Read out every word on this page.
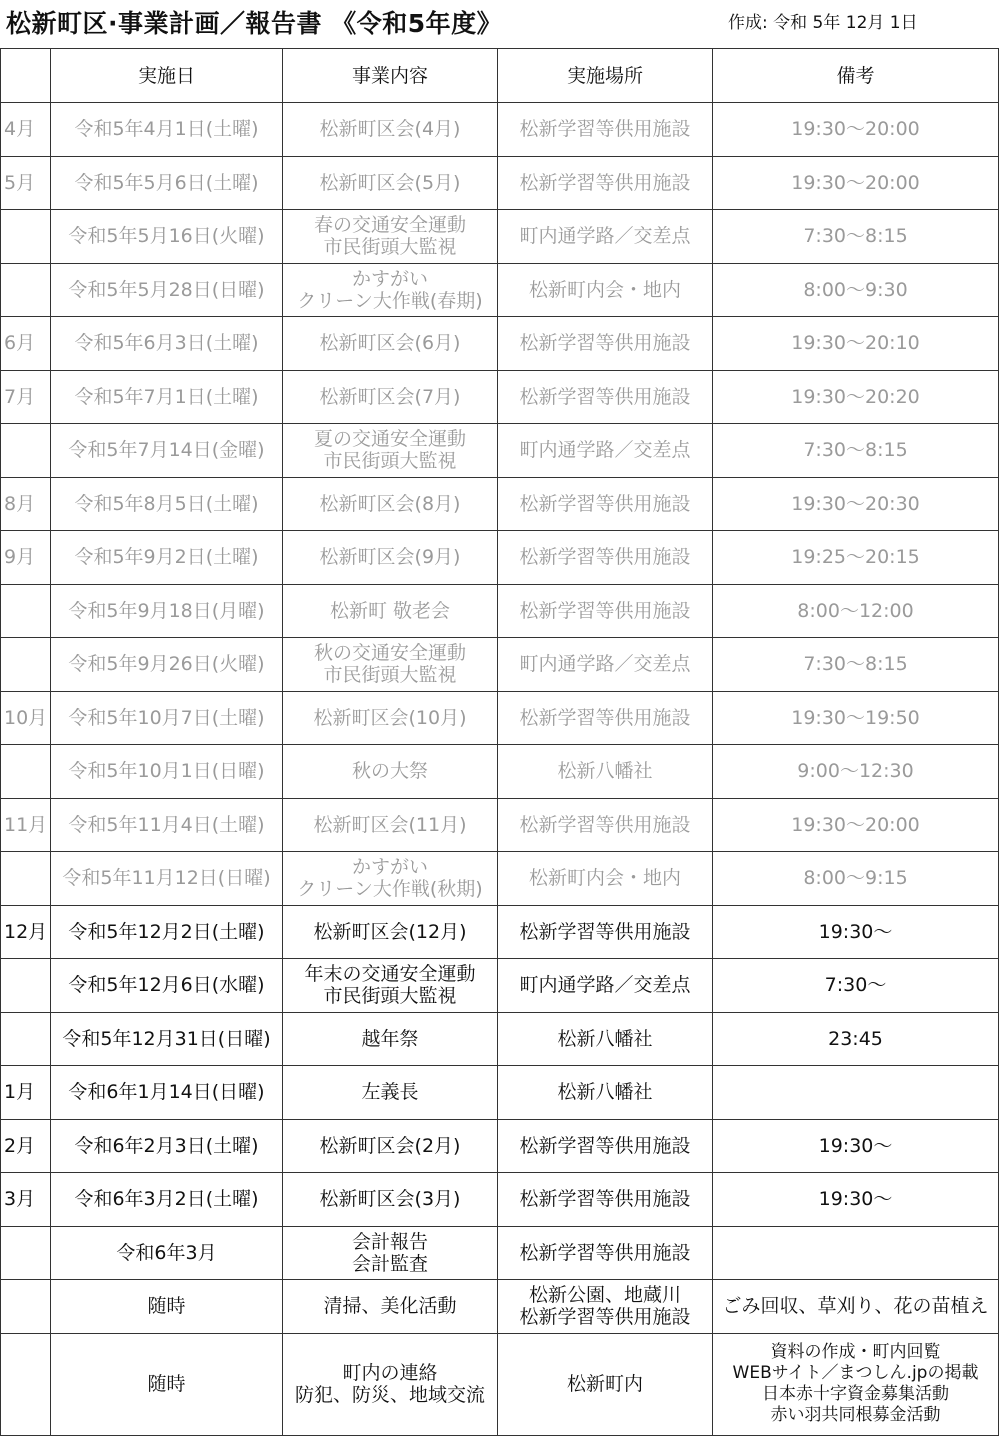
松新町区·事業計画／報告書 《令和5年度》	作成: 令和 5年 12月 1日
	実施日	事業内容	実施場所	備考
4月	令和5年4月1日(土曜)	松新町区会(4月)	松新学習等供用施設	19:30〜20:00

5月	令和5年5月6日(土曜)	松新町区会(5月)	松新学習等供用施設	19:30〜20:00

	令和5年5月16日(火曜)	春の交通安全運動
市民街頭大監視	町内通学路／交差点	7:30〜8:15

	令和5年5月28日(日曜)	かすがい
クリーン大作戦(春期)	松新町内会・地内	8:00〜9:30

6月	令和5年6月3日(土曜)	松新町区会(6月)	松新学習等供用施設	19:30〜20:10

7月	令和5年7月1日(土曜)	松新町区会(7月)	松新学習等供用施設	19:30〜20:20

	令和5年7月14日(金曜)	夏の交通安全運動
市民街頭大監視	町内通学路／交差点	7:30〜8:15

8月	令和5年8月5日(土曜)	松新町区会(8月)	松新学習等供用施設	19:30〜20:30

9月	令和5年9月2日(土曜)	松新町区会(9月)	松新学習等供用施設	19:25〜20:15

	令和5年9月18日(月曜)	松新町 敬老会	松新学習等供用施設	8:00〜12:00

	令和5年9月26日(火曜)	秋の交通安全運動
市民街頭大監視	町内通学路／交差点	7:30〜8:15

10月	令和5年10月7日(土曜)	松新町区会(10月)	松新学習等供用施設	19:30〜19:50

	令和5年10月1日(日曜)	秋の大祭	松新八幡社	9:00〜12:30

11月	令和5年11月4日(土曜)	松新町区会(11月)	松新学習等供用施設	19:30〜20:00

	令和5年11月12日(日曜)	かすがい
クリーン大作戦(秋期)	松新町内会・地内	8:00〜9:15

12月	令和5年12月2日(土曜)	松新町区会(12月)	松新学習等供用施設	19:30〜

	令和5年12月6日(水曜)	年末の交通安全運動
市民街頭大監視	町内通学路／交差点	7:30〜

	令和5年12月31日(日曜)	越年祭	松新八幡社	23:45

1月	令和6年1月14日(日曜)	左義長	松新八幡社	

2月	令和6年2月3日(土曜)	松新町区会(2月)	松新学習等供用施設	19:30〜

3月	令和6年3月2日(土曜)	松新町区会(3月)	松新学習等供用施設	19:30〜

	令和6年3月	会計報告
会計監査	松新学習等供用施設	

	随時	清掃、美化活動	松新公園、地蔵川
松新学習等供用施設	ごみ回収、草刈り、花の苗植え

	随時	町内の連絡
防犯、防災、地域交流	松新町内	資料の作成・町内回覧
WEBサイト／まつしん.jpの掲載
日本赤十字資金募集活動
赤い羽共同根募金活動
